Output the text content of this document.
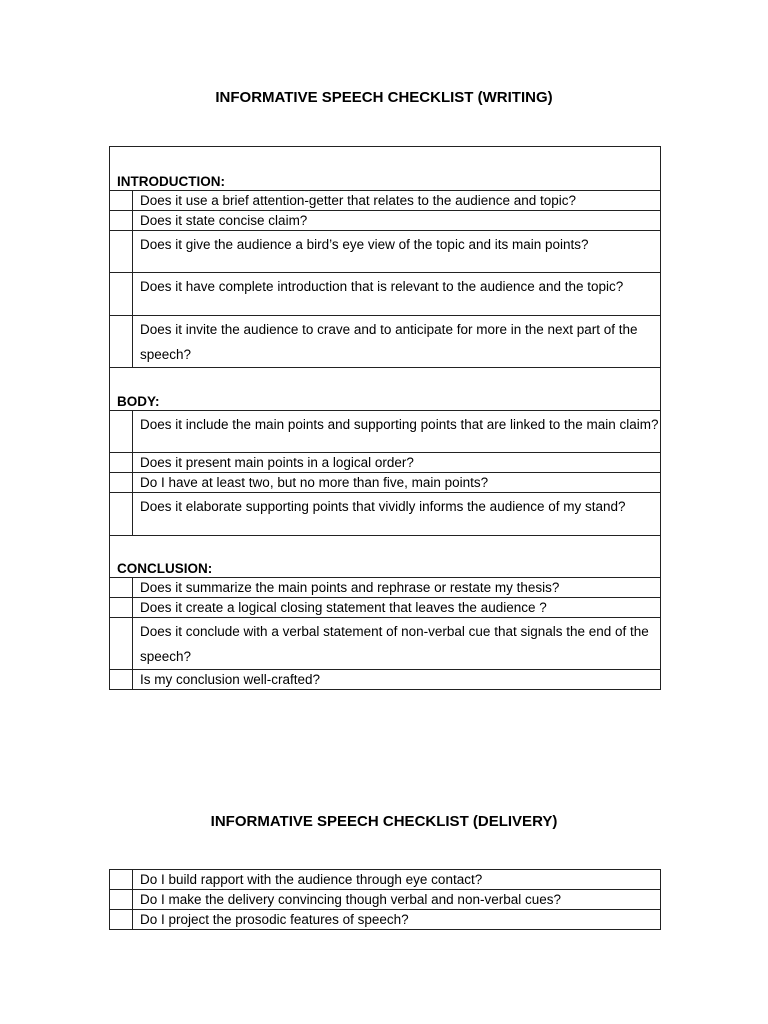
INFORMATIVE SPEECH CHECKLIST (WRITING)
INTRODUCTION:	
	Does it use a brief attention-getter that relates to the audience and topic?
	Does it state concise claim?
	Does it give the audience a bird’s eye view of the topic and its main points?
	Does it have complete introduction that is relevant to the audience and the topic?
	Does it invite the audience to crave and to anticipate for more in the next part of the speech?
BODY:	
	Does it include the main points and supporting points that are linked to the main claim?
	Does it present main points in a logical order?
	Do I have at least two, but no more than five, main points?
	Does it elaborate supporting points that vividly informs the audience of my stand?
CONCLUSION:	
	Does it summarize the main points and rephrase or restate my thesis?
	Does it create a logical closing statement that leaves the audience ?
	Does it conclude with a verbal statement of non-verbal cue that signals the end of the speech?
	Is my conclusion well-crafted?
INFORMATIVE SPEECH CHECKLIST (DELIVERY)
	Do I build rapport with the audience through eye contact?
	Do I make the delivery convincing though verbal and non-verbal cues?
	Do I project the prosodic features of speech?
